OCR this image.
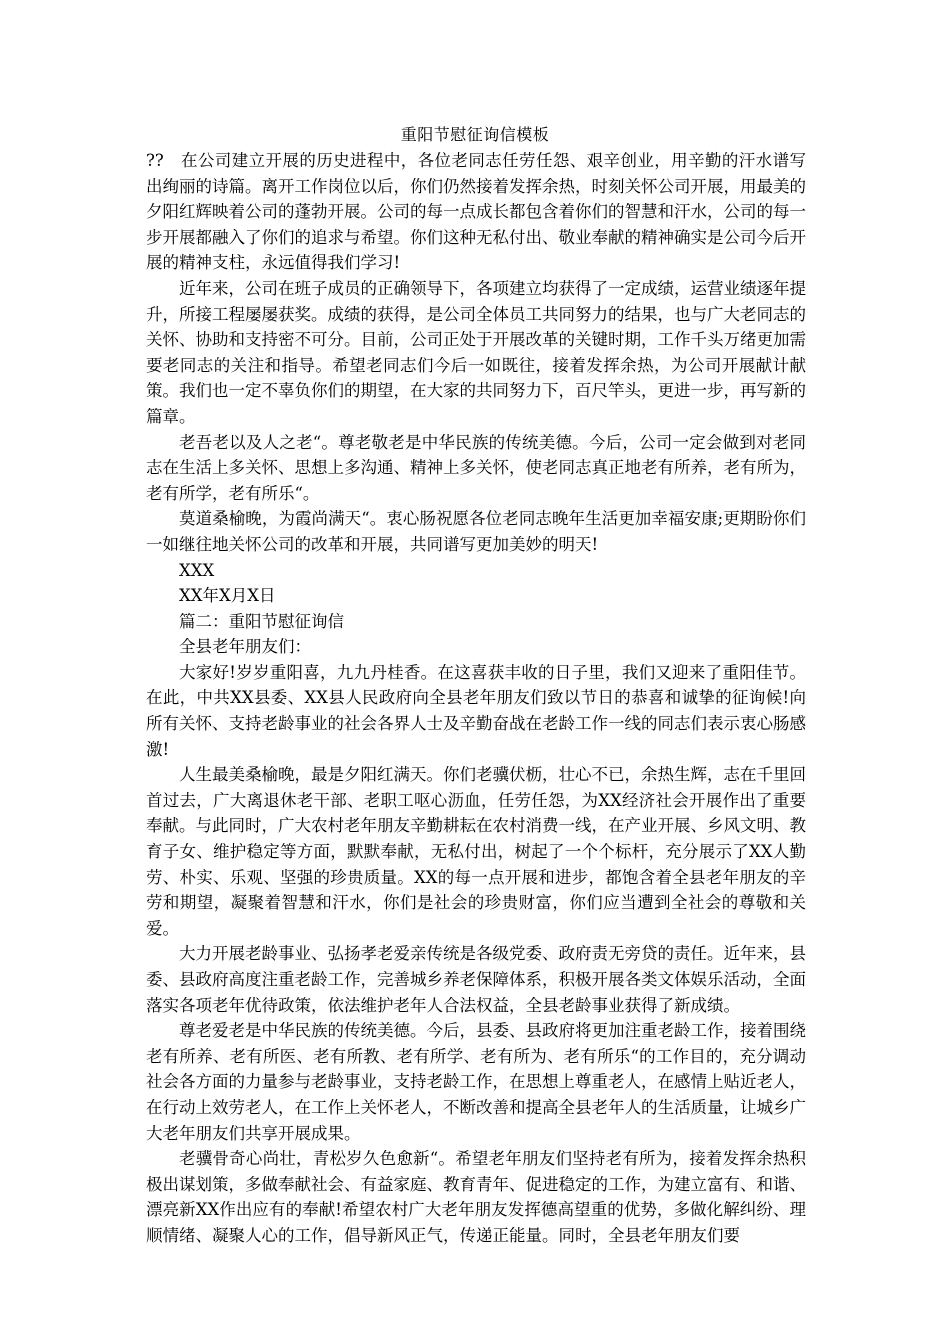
重阳节慰征询信模板

??　在公司建立开展的历史进程中，各位老同志任劳任怨、艰辛创业，用辛勤的汗水谱写出绚丽的诗篇。离开工作岗位以后，你们仍然接着发挥余热，时刻关怀公司开展，用最美的夕阳红辉映着公司的蓬勃开展。公司的每一点成长都包含着你们的智慧和汗水，公司的每一步开展都融入了你们的追求与希望。你们这种无私付出、敬业奉献的精神确实是公司今后开展的精神支柱，永远值得我们学习!

近年来，公司在班子成员的正确领导下，各项建立均获得了一定成绩，运营业绩逐年提升，所接工程屡屡获奖。成绩的获得，是公司全体员工共同努力的结果，也与广大老同志的关怀、协助和支持密不可分。目前，公司正处于开展改革的关键时期，工作千头万绪更加需要老同志的关注和指导。希望老同志们今后一如既往，接着发挥余热，为公司开展献计献策。我们也一定不辜负你们的期望，在大家的共同努力下，百尺竿头，更进一步，再写新的篇章。

老吾老以及人之老“。尊老敬老是中华民族的传统美德。今后，公司一定会做到对老同志在生活上多关怀、思想上多沟通、精神上多关怀，使老同志真正地老有所养，老有所为，老有所学，老有所乐“。

莫道桑榆晚，为霞尚满天“。衷心肠祝愿各位老同志晚年生活更加幸福安康;更期盼你们一如继往地关怀公司的改革和开展，共同谱写更加美妙的明天!

XXX

XX年X月X日

篇二：重阳节慰征询信

全县老年朋友们：

大家好!岁岁重阳喜，九九丹桂香。在这喜获丰收的日子里，我们又迎来了重阳佳节。在此，中共XX县委、XX县人民政府向全县老年朋友们致以节日的恭喜和诚挚的征询候!向所有关怀、支持老龄事业的社会各界人士及辛勤奋战在老龄工作一线的同志们表示衷心肠感激!

人生最美桑榆晚，最是夕阳红满天。你们老骥伏枥，壮心不已，余热生辉，志在千里回首过去，广大离退休老干部、老职工呕心沥血，任劳任怨，为XX经济社会开展作出了重要奉献。与此同时，广大农村老年朋友辛勤耕耘在农村消费一线，在产业开展、乡风文明、教育子女、维护稳定等方面，默默奉献，无私付出，树起了一个个标杆，充分展示了XX人勤劳、朴实、乐观、坚强的珍贵质量。XX的每一点开展和进步，都饱含着全县老年朋友的辛劳和期望，凝聚着智慧和汗水，你们是社会的珍贵财富，你们应当遭到全社会的尊敬和关爱。

大力开展老龄事业、弘扬孝老爱亲传统是各级党委、政府责无旁贷的责任。近年来，县委、县政府高度注重老龄工作，完善城乡养老保障体系，积极开展各类文体娱乐活动，全面落实各项老年优待政策，依法维护老年人合法权益，全县老龄事业获得了新成绩。

尊老爱老是中华民族的传统美德。今后，县委、县政府将更加注重老龄工作，接着围绕老有所养、老有所医、老有所教、老有所学、老有所为、老有所乐“的工作目的，充分调动社会各方面的力量参与老龄事业，支持老龄工作，在思想上尊重老人，在感情上贴近老人，在行动上效劳老人，在工作上关怀老人，不断改善和提高全县老年人的生活质量，让城乡广大老年朋友们共享开展成果。

老骥骨奇心尚壮，青松岁久色愈新“。希望老年朋友们坚持老有所为，接着发挥余热积极出谋划策，多做奉献社会、有益家庭、教育青年、促进稳定的工作，为建立富有、和谐、漂亮新XX作出应有的奉献!希望农村广大老年朋友发挥德高望重的优势，多做化解纠纷、理顺情绪、凝聚人心的工作，倡导新风正气，传递正能量。同时，全县老年朋友们要
